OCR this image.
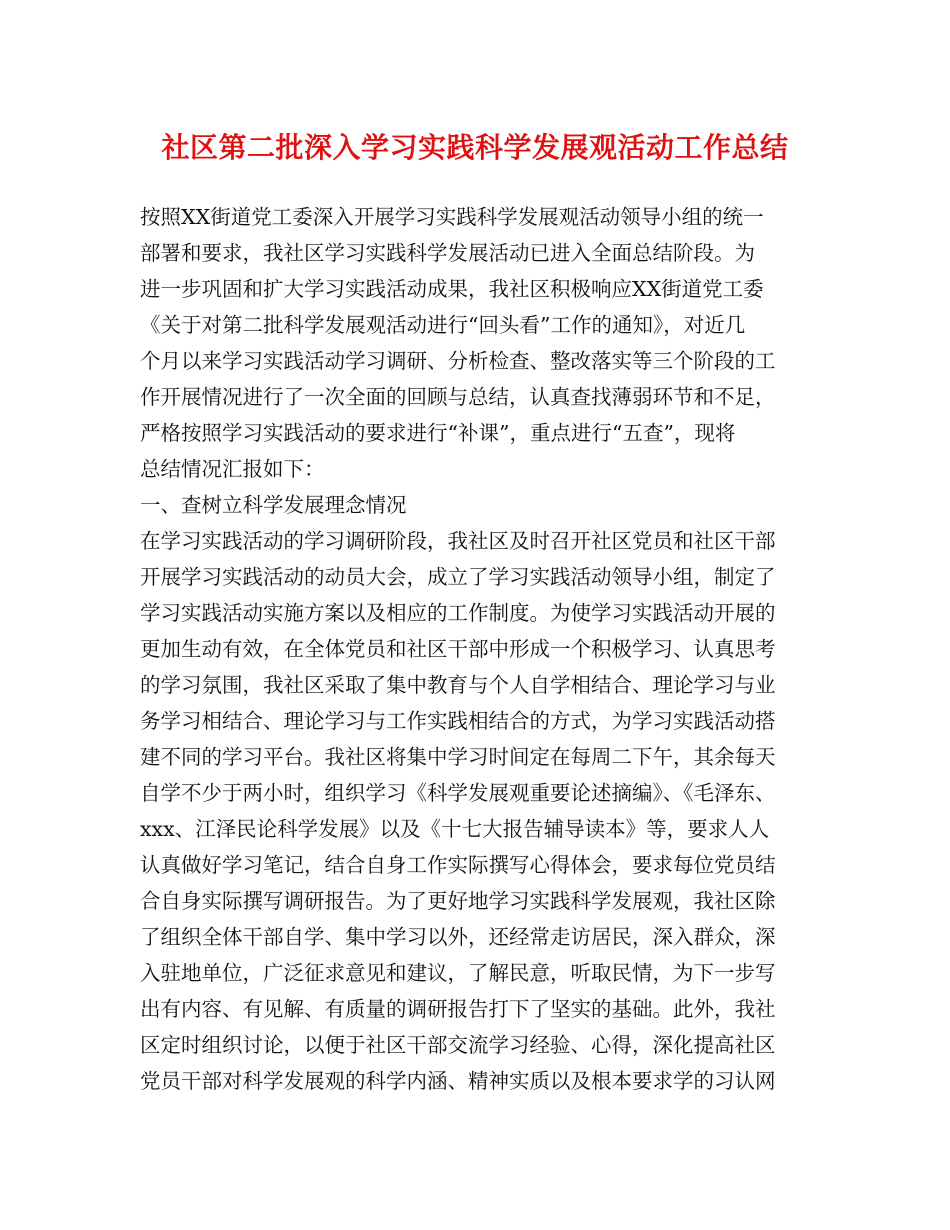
社区第二批深入学习实践科学发展观活动工作总结
按照XX街道党工委深入开展学习实践科学发展观活动领导小组的统一
部署和要求，我社区学习实践科学发展活动已进入全面总结阶段。为
进一步巩固和扩大学习实践活动成果，我社区积极响应XX街道党工委
《关于对第二批科学发展观活动进行“回头看”工作的通知》，对近几
个月以来学习实践活动学习调研、分析检查、整改落实等三个阶段的工
作开展情况进行了一次全面的回顾与总结，认真查找薄弱环节和不足，
严格按照学习实践活动的要求进行“补课”，重点进行“五查”，现将
总结情况汇报如下：
一、查树立科学发展理念情况
在学习实践活动的学习调研阶段，我社区及时召开社区党员和社区干部
开展学习实践活动的动员大会，成立了学习实践活动领导小组，制定了
学习实践活动实施方案以及相应的工作制度。为使学习实践活动开展的
更加生动有效，在全体党员和社区干部中形成一个积极学习、认真思考
的学习氛围，我社区采取了集中教育与个人自学相结合、理论学习与业
务学习相结合、理论学习与工作实践相结合的方式，为学习实践活动搭
建不同的学习平台。我社区将集中学习时间定在每周二下午，其余每天
自学不少于两小时，组织学习《科学发展观重要论述摘编》、《毛泽东、
xxx、江泽民论科学发展》以及《十七大报告辅导读本》等，要求人人
认真做好学习笔记，结合自身工作实际撰写心得体会，要求每位党员结
合自身实际撰写调研报告。为了更好地学习实践科学发展观，我社区除
了组织全体干部自学、集中学习以外，还经常走访居民，深入群众，深
入驻地单位，广泛征求意见和建议，了解民意，听取民情，为下一步写
出有内容、有见解、有质量的调研报告打下了坚实的基础。此外，我社
区定时组织讨论，以便于社区干部交流学习经验、心得，深化提高社区
党员干部对科学发展观的科学内涵、精神实质以及根本要求学的习认网
